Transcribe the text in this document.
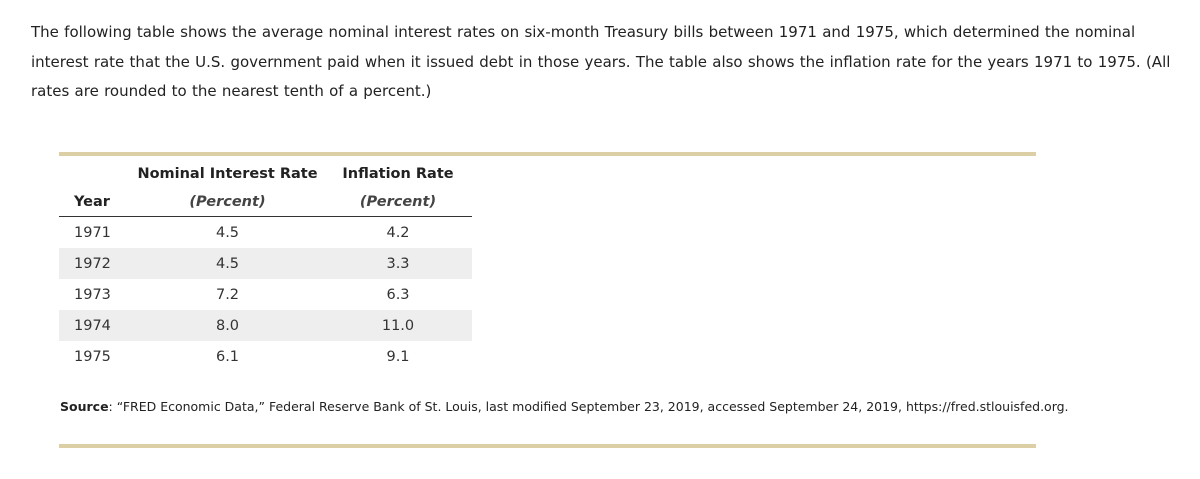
The following table shows the average nominal interest rates on six-month Treasury bills between 1971 and 1975, which determined the nominal
interest rate that the U.S. government paid when it issued debt in those years. The table also shows the inflation rate for the years 1971 to 1975. (All
rates are rounded to the nearest tenth of a percent.)

	Nominal Interest Rate	Inflation Rate
Year	(Percent)	(Percent)
1971	4.5	4.2
1972	4.5	3.3
1973	7.2	6.3
1974	8.0	11.0
1975	6.1	9.1

Source: “FRED Economic Data,” Federal Reserve Bank of St. Louis, last modified September 23, 2019, accessed September 24, 2019, https://fred.stlouisfed.org.
